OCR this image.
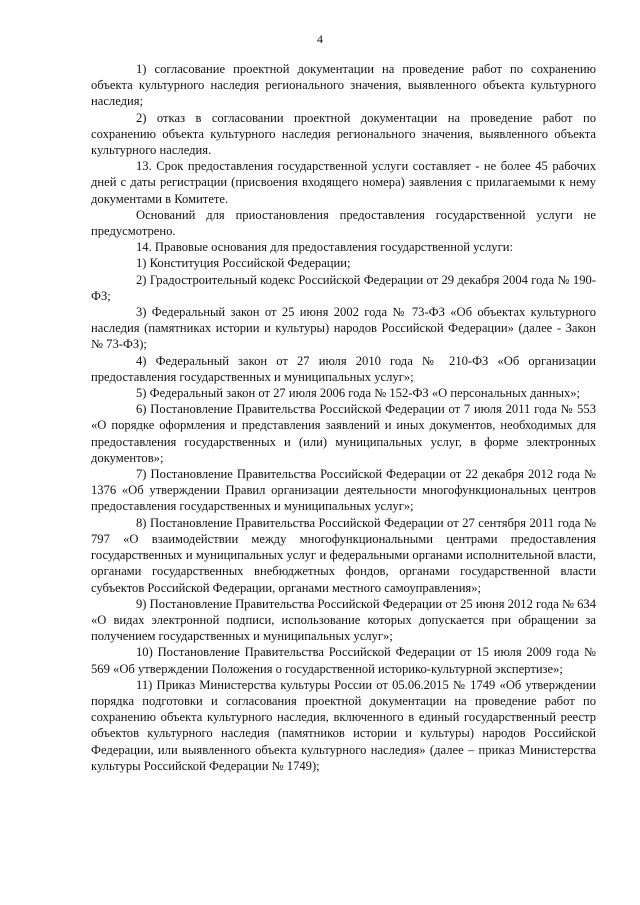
4

1) согласование проектной документации на проведение работ по сохранению объекта культурного наследия регионального значения, выявленного объекта культурного наследия;

2) отказ в согласовании проектной документации на проведение работ по сохранению объекта культурного наследия регионального значения, выявленного объекта культурного наследия.

13. Срок предоставления государственной услуги составляет - не более 45 рабочих дней с даты регистрации (присвоения входящего номера) заявления с прилагаемыми к нему документами в Комитете.

Оснований для приостановления предоставления государственной услуги не предусмотрено.

14. Правовые основания для предоставления государственной услуги:

1) Конституция Российской Федерации;

2) Градостроительный кодекс Российской Федерации от 29 декабря 2004 года № 190-ФЗ;

3) Федеральный закон от 25 июня 2002 года № 73-ФЗ «Об объектах культурного наследия (памятниках истории и культуры) народов Российской Федерации» (далее - Закон № 73-ФЗ);

4) Федеральный закон от 27 июля 2010 года № 210-ФЗ «Об организации предоставления государственных и муниципальных услуг»;

5) Федеральный закон от 27 июля 2006 года № 152-ФЗ «О персональных данных»;

6) Постановление Правительства Российской Федерации от 7 июля 2011 года № 553 «О порядке оформления и представления заявлений и иных документов, необходимых для предоставления государственных и (или) муниципальных услуг, в форме электронных документов»;

7) Постановление Правительства Российской Федерации от 22 декабря 2012 года № 1376 «Об утверждении Правил организации деятельности многофункциональных центров предоставления государственных и муниципальных услуг»;

8) Постановление Правительства Российской Федерации от 27 сентября 2011 года № 797 «О взаимодействии между многофункциональными центрами предоставления государственных и муниципальных услуг и федеральными органами исполнительной власти, органами государственных внебюджетных фондов, органами государственной власти субъектов Российской Федерации, органами местного самоуправления»;

9) Постановление Правительства Российской Федерации от 25 июня 2012 года № 634 «О видах электронной подписи, использование которых допускается при обращении за получением государственных и муниципальных услуг»;

10) Постановление Правительства Российской Федерации от 15 июля 2009 года № 569 «Об утверждении Положения о государственной историко-культурной экспертизе»;

11) Приказ Министерства культуры России от 05.06.2015 № 1749 «Об утверждении порядка подготовки и согласования проектной документации на проведение работ по сохранению объекта культурного наследия, включенного в единый государственный реестр объектов культурного наследия (памятников истории и культуры) народов Российской Федерации, или выявленного объекта культурного наследия» (далее – приказ Министерства культуры Российской Федерации № 1749);
